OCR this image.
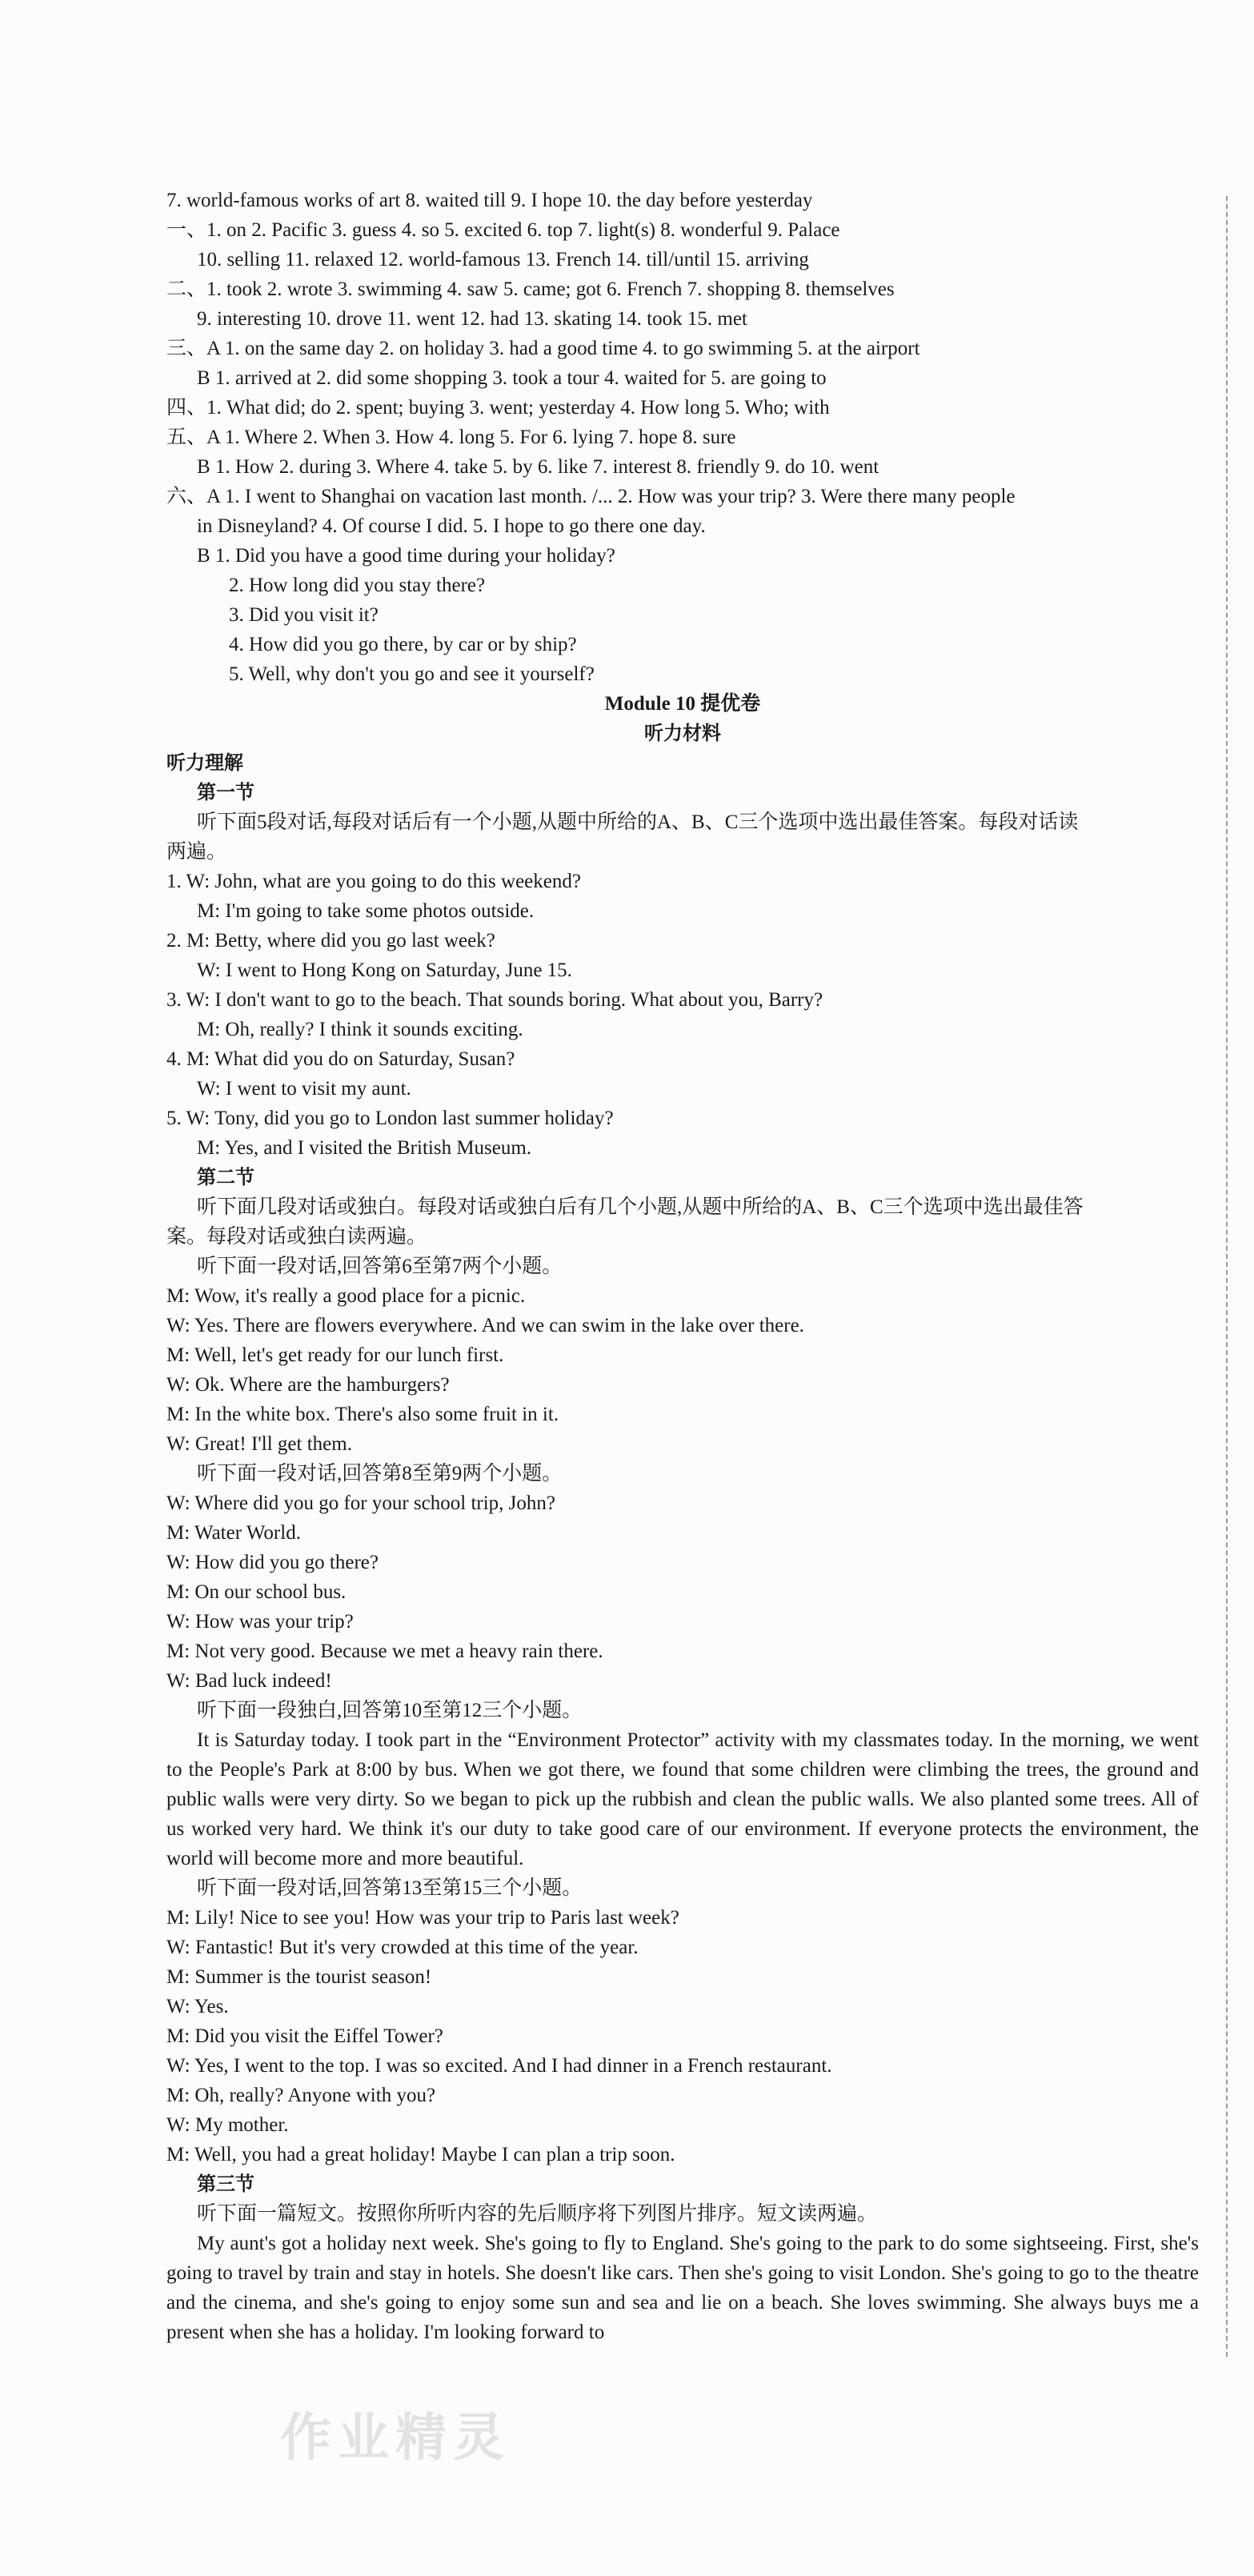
7. world-famous works of art 8. waited till 9. I hope 10. the day before yesterday
一、1. on 2. Pacific 3. guess 4. so 5. excited 6. top 7. light(s) 8. wonderful 9. Palace
10. selling 11. relaxed 12. world-famous 13. French 14. till/until 15. arriving
二、1. took 2. wrote 3. swimming 4. saw 5. came; got 6. French 7. shopping 8. themselves
9. interesting 10. drove 11. went 12. had 13. skating 14. took 15. met
三、A 1. on the same day 2. on holiday 3. had a good time 4. to go swimming 5. at the airport
B 1. arrived at 2. did some shopping 3. took a tour 4. waited for 5. are going to
四、1. What did; do 2. spent; buying 3. went; yesterday 4. How long 5. Who; with
五、A 1. Where 2. When 3. How 4. long 5. For 6. lying 7. hope 8. sure
B 1. How 2. during 3. Where 4. take 5. by 6. like 7. interest 8. friendly 9. do 10. went
六、A 1. I went to Shanghai on vacation last month. /... 2. How was your trip? 3. Were there many people
in Disneyland? 4. Of course I did. 5. I hope to go there one day.
B 1. Did you have a good time during your holiday?
2. How long did you stay there?
3. Did you visit it?
4. How did you go there, by car or by ship?
5. Well, why don't you go and see it yourself?
Module 10 提优卷
听力材料
听力理解
第一节
听下面5段对话,每段对话后有一个小题,从题中所给的A、B、C三个选项中选出最佳答案。每段对话读
两遍。
1. W: John, what are you going to do this weekend?
M: I'm going to take some photos outside.
2. M: Betty, where did you go last week?
W: I went to Hong Kong on Saturday, June 15.
3. W: I don't want to go to the beach. That sounds boring. What about you, Barry?
M: Oh, really? I think it sounds exciting.
4. M: What did you do on Saturday, Susan?
W: I went to visit my aunt.
5. W: Tony, did you go to London last summer holiday?
M: Yes, and I visited the British Museum.
第二节
听下面几段对话或独白。每段对话或独白后有几个小题,从题中所给的A、B、C三个选项中选出最佳答
案。每段对话或独白读两遍。
听下面一段对话,回答第6至第7两个小题。
M: Wow, it's really a good place for a picnic.
W: Yes. There are flowers everywhere. And we can swim in the lake over there.
M: Well, let's get ready for our lunch first.
W: Ok. Where are the hamburgers?
M: In the white box. There's also some fruit in it.
W: Great! I'll get them.
听下面一段对话,回答第8至第9两个小题。
W: Where did you go for your school trip, John?
M: Water World.
W: How did you go there?
M: On our school bus.
W: How was your trip?
M: Not very good. Because we met a heavy rain there.
W: Bad luck indeed!
听下面一段独白,回答第10至第12三个小题。
It is Saturday today. I took part in the “Environment Protector” activity with my classmates today. In the morning, we went to the People's Park at 8:00 by bus. When we got there, we found that some children were climbing the trees, the ground and public walls were very dirty. So we began to pick up the rubbish and clean the public walls. We also planted some trees. All of us worked very hard. We think it's our duty to take good care of our environment. If everyone protects the environment, the world will become more and more beautiful.
听下面一段对话,回答第13至第15三个小题。
M: Lily! Nice to see you! How was your trip to Paris last week?
W: Fantastic! But it's very crowded at this time of the year.
M: Summer is the tourist season!
W: Yes.
M: Did you visit the Eiffel Tower?
W: Yes, I went to the top. I was so excited. And I had dinner in a French restaurant.
M: Oh, really? Anyone with you?
W: My mother.
M: Well, you had a great holiday! Maybe I can plan a trip soon.
第三节
听下面一篇短文。按照你所听内容的先后顺序将下列图片排序。短文读两遍。
My aunt's got a holiday next week. She's going to fly to England. She's going to the park to do some sightseeing. First, she's going to travel by train and stay in hotels. She doesn't like cars. Then she's going to visit London. She's going to go to the theatre and the cinema, and she's going to enjoy some sun and sea and lie on a beach. She loves swimming. She always buys me a present when she has a holiday. I'm looking forward to
作业精灵
